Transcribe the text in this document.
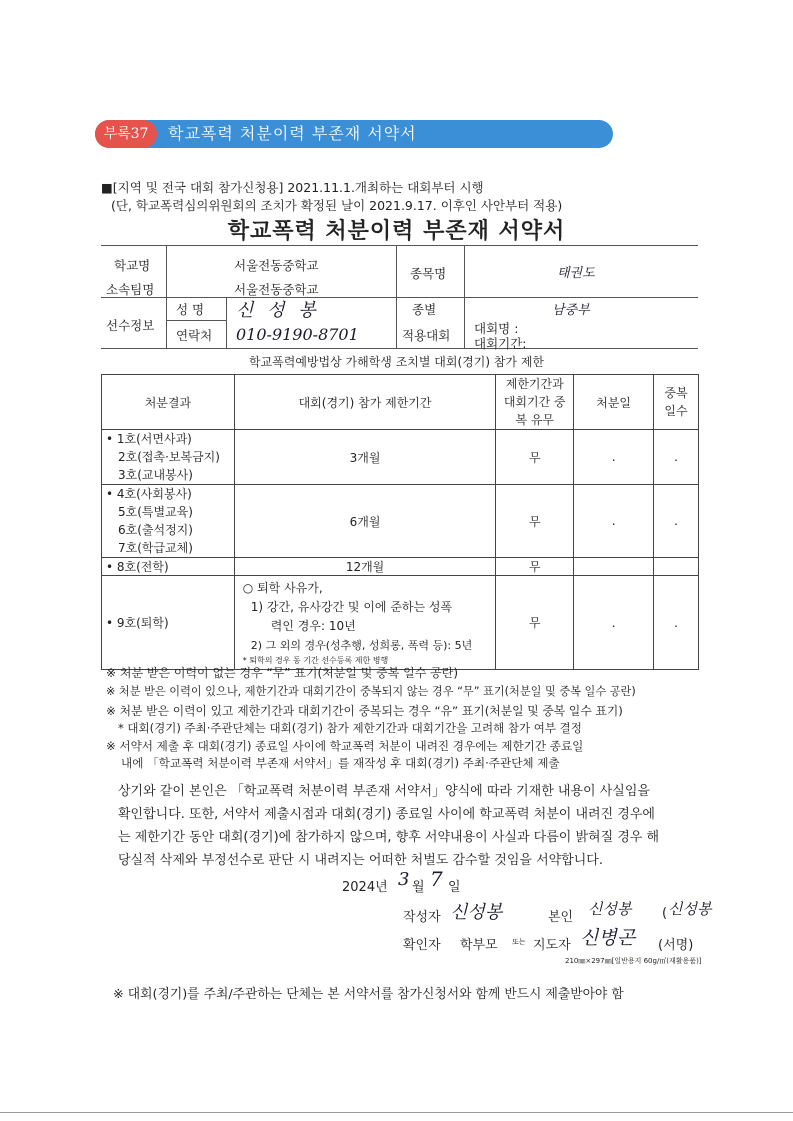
부록37	학교폭력 처분이력 부존재 서약서
■[지역 및 전국 대회 참가신청용] 2021.11.1.개최하는 대회부터 시행
(단, 학교폭력심의위원회의 조치가 확정된 날이 2021.9.17. 이후인 사안부터 적용)
학교폭력 처분이력 부존재 서약서
학교명	서울전동중학교
소속팀명	서울전동중학교
종목명	태권도
선수정보
성 명 신 성 봉
연락처 010-9190-8701
종별	남중부
적용대회 대회명 :
대회기간:
학교폭력예방법상 가해학생 조치별 대회(경기) 참가 제한
처분결과	대회(경기) 참가 제한기간	제한기간과 대회기간 중복 유무	처분일	중복 일수

• 1호(서면사과)
2호(접촉·보복금지)
3호(교내봉사)	3개월	무	.	.

• 4호(사회봉사)
5호(특별교육)
6호(출석정지)
7호(학급교체)	6개월	무	.	.
• 8호(전학)	12개월	무		
• 9호(퇴학)	○ 퇴학 사유가,
1) 강간, 유사강간 및 이에 준하는 성폭
력인 경우: 10년
2) 그 외의 경우(성추행, 성희롱, 폭력 등): 5년
* 퇴학의 경우 동 기간 선수등록 제한 병행	무	.	.
※ 처분 받은 이력이 없는 경우 “무” 표기(처분일 및 중복 일수 공란)
※ 처분 받은 이력이 있으나, 제한기간과 대회기간이 중복되지 않는 경우 “무” 표기(처분일 및 중복 일수 공란)
※ 처분 받은 이력이 있고 제한기간과 대회기간이 중복되는 경우 “유” 표기(처분일 및 중복 일수 표기)
* 대회(경기) 주최·주관단체는 대회(경기) 참가 제한기간과 대회기간을 고려해 참가 여부 결정
※ 서약서 제출 후 대회(경기) 종료일 사이에 학교폭력 처분이 내려진 경우에는 제한기간 종료일
내에 「학교폭력 처분이력 부존재 서약서」를 재작성 후 대회(경기) 주최·주관단체 제출
상기와 같이 본인은 「학교폭력 처분이력 부존재 서약서」양식에 따라 기재한 내용이 사실임을
확인합니다. 또한, 서약서 제출시점과 대회(경기) 종료일 사이에 학교폭력 처분이 내려진 경우에
는 제한기간 동안 대회(경기)에 참가하지 않으며, 향후 서약내용이 사실과 다름이 밝혀질 경우 해
당실적 삭제와 부정선수로 판단 시 내려지는 어떠한 처벌도 감수할 것임을 서약합니다.
2024년 3 월 7 일
작성자 신성봉	본인 신성봉 ( 신성봉
확인자 학부모 또는 지도자 신병곤 (서명)
210㎜×297㎜[일반용지 60g/㎡(재활용품)]
※ 대회(경기)를 주최/주관하는 단체는 본 서약서를 참가신청서와 함께 반드시 제출받아야 함
